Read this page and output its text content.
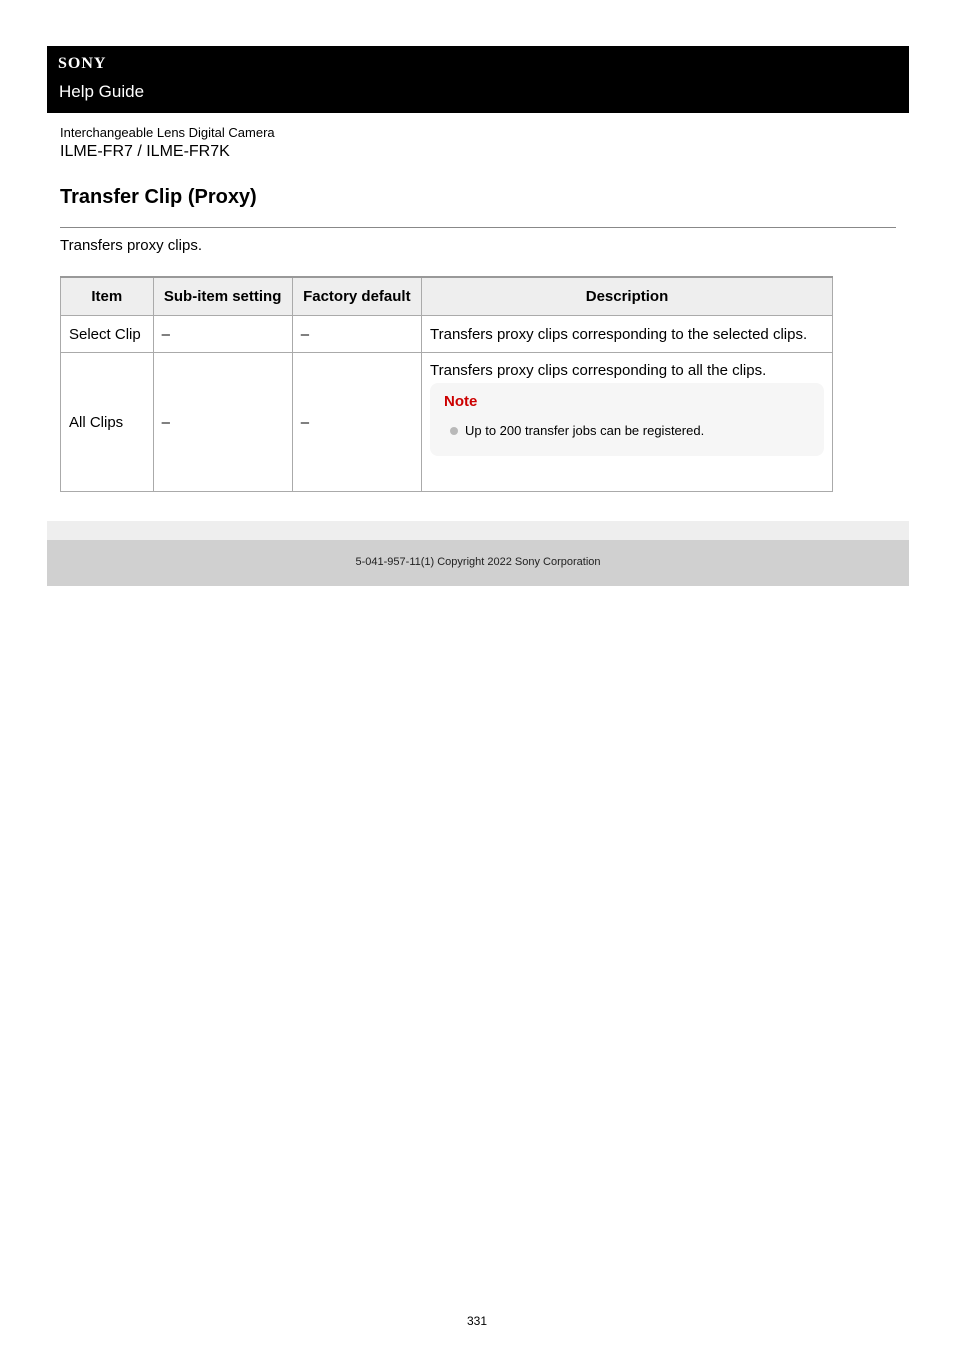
SONY
Help Guide
Interchangeable Lens Digital Camera
ILME-FR7 / ILME-FR7K
Transfer Clip (Proxy)
Transfers proxy clips.
Item	Sub-item setting	Factory default	Description
Select Clip	–	–	Transfers proxy clips corresponding to the selected clips.
All Clips	–	–	Transfers proxy clips corresponding to all the clips.
Note
Up to 200 transfer jobs can be registered.
5-041-957-11(1) Copyright 2022 Sony Corporation
331
